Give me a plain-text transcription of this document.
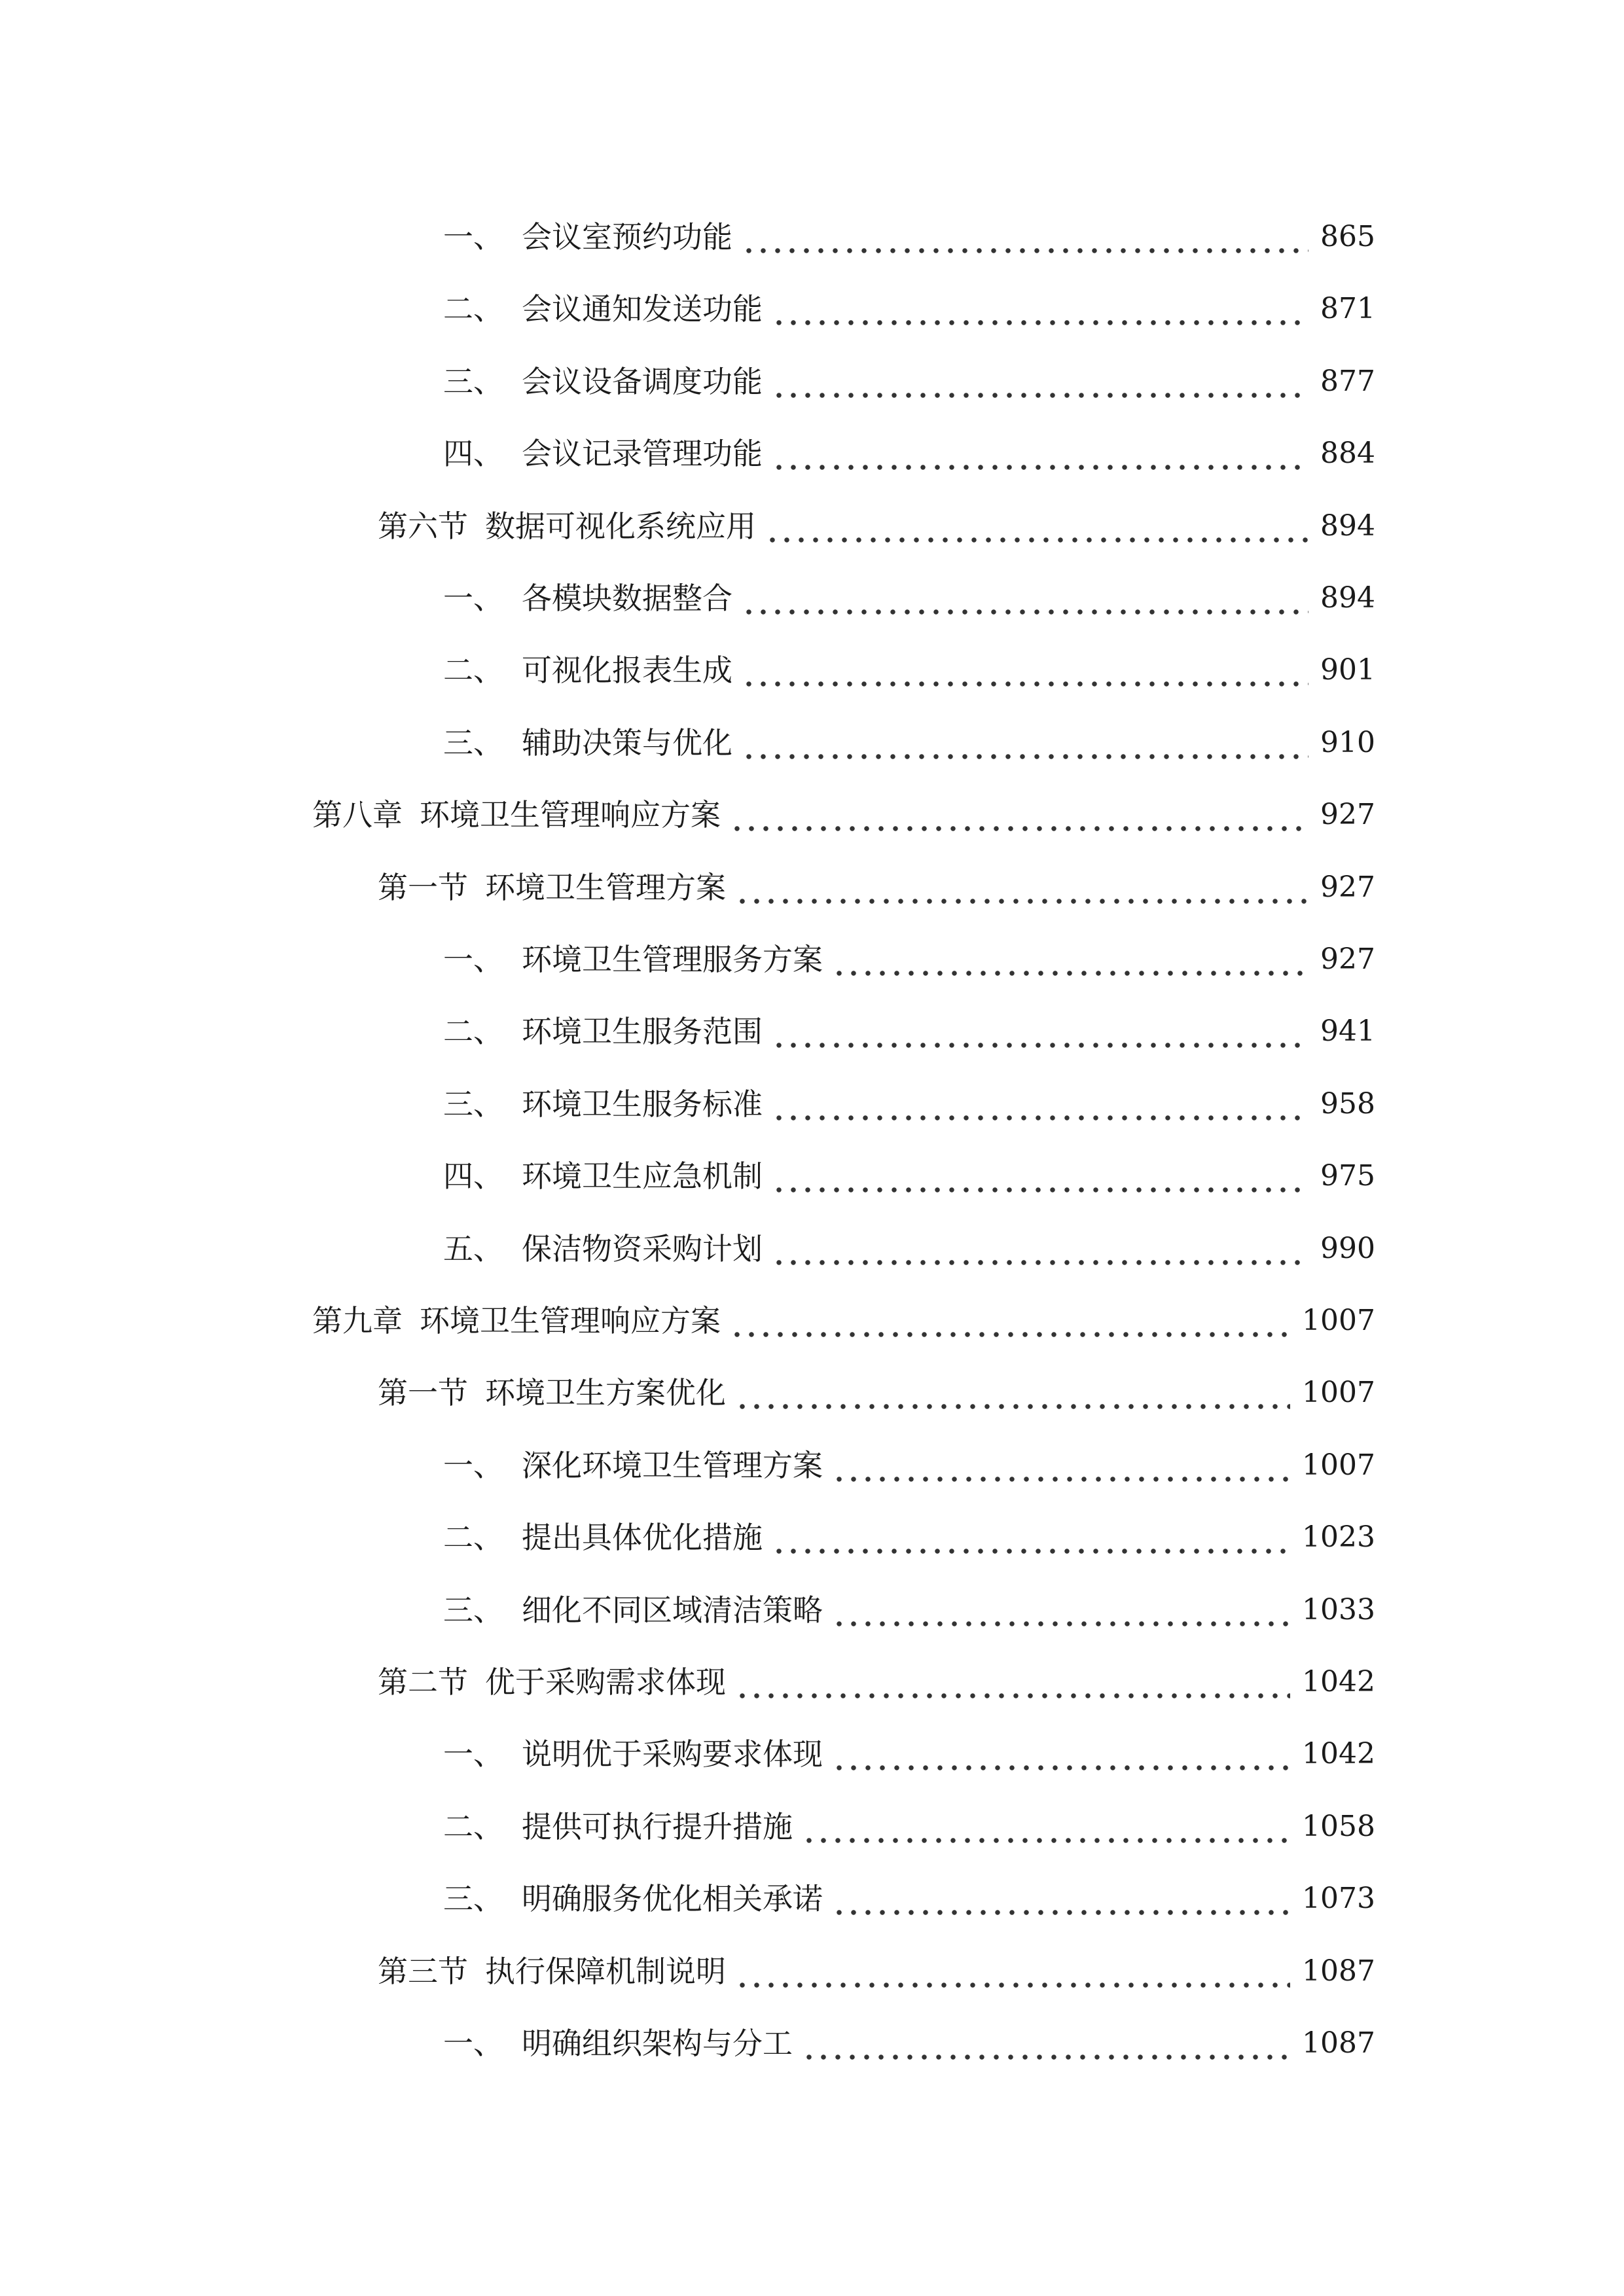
一、 会议室预约功能	865
二、 会议通知发送功能	871
三、 会议设备调度功能	877
四、 会议记录管理功能	884
第六节 数据可视化系统应用	894
一、 各模块数据整合	894
二、 可视化报表生成	901
三、 辅助决策与优化	910
第八章 环境卫生管理响应方案	927
第一节 环境卫生管理方案	927
一、 环境卫生管理服务方案	927
二、 环境卫生服务范围	941
三、 环境卫生服务标准	958
四、 环境卫生应急机制	975
五、 保洁物资采购计划	990
第九章 环境卫生管理响应方案	1007
第一节 环境卫生方案优化	1007
一、 深化环境卫生管理方案	1007
二、 提出具体优化措施	1023
三、 细化不同区域清洁策略	1033
第二节 优于采购需求体现	1042
一、 说明优于采购要求体现	1042
二、 提供可执行提升措施	1058
三、 明确服务优化相关承诺	1073
第三节 执行保障机制说明	1087
一、 明确组织架构与分工	1087
